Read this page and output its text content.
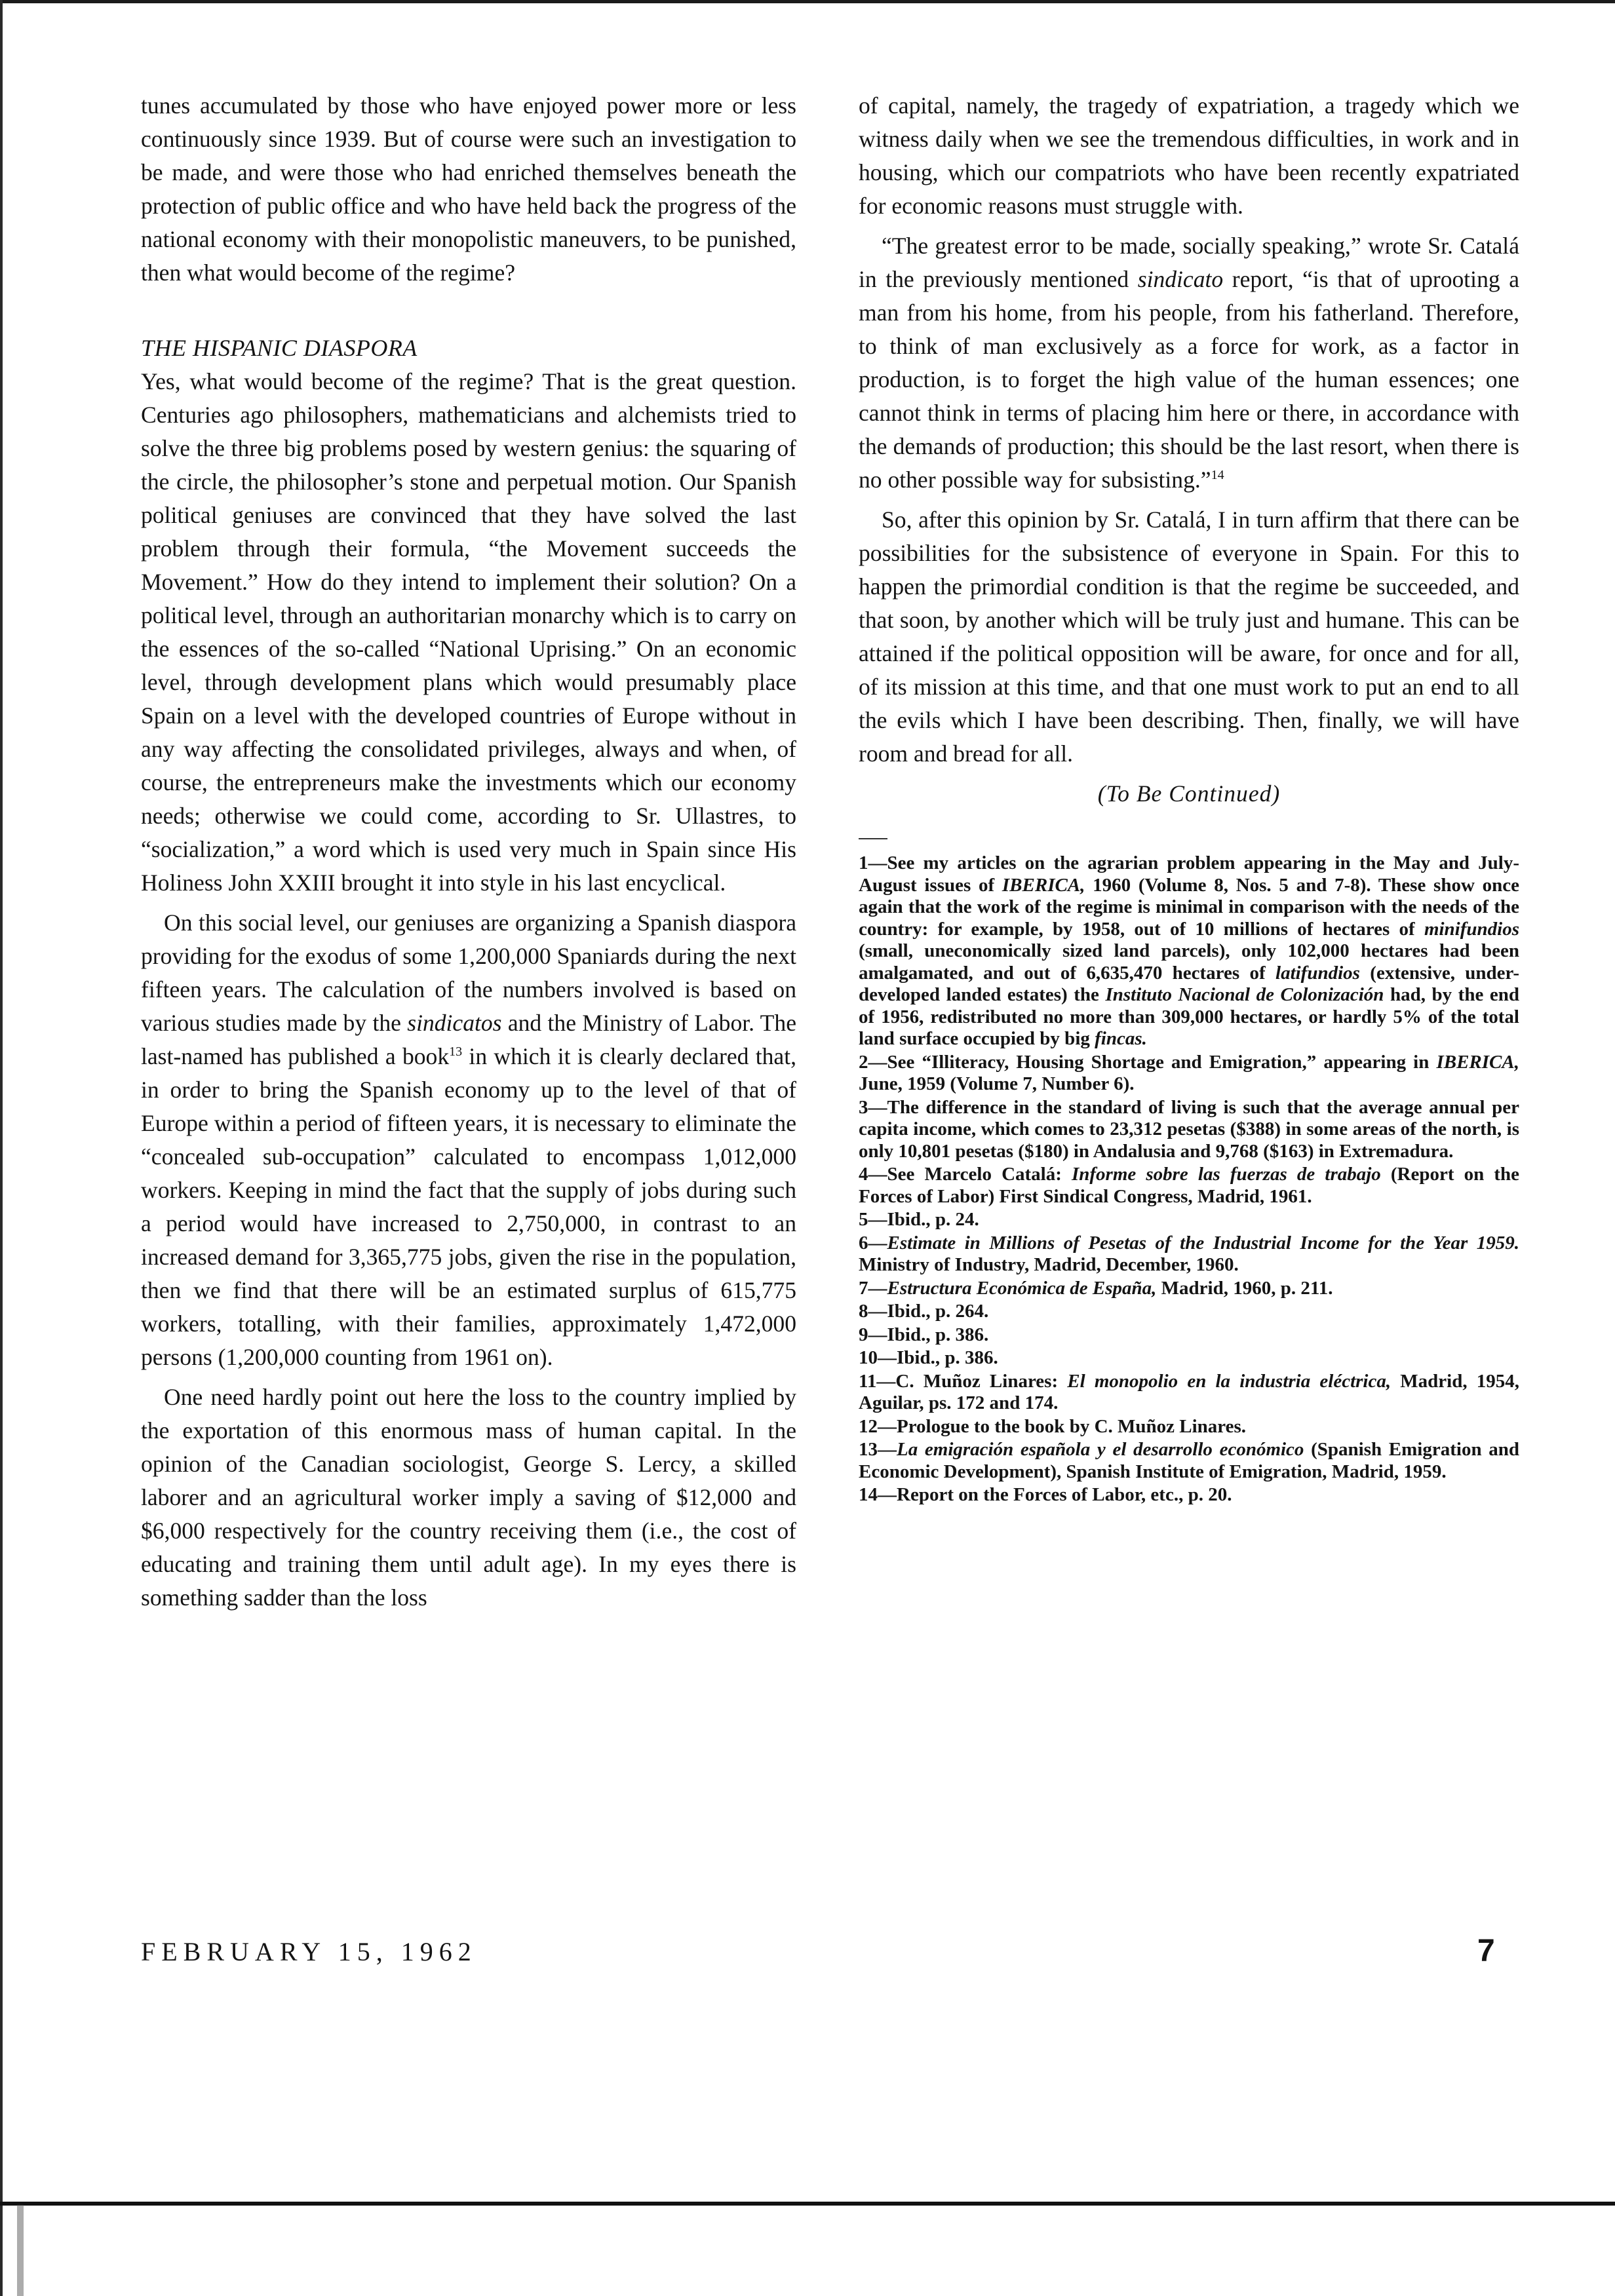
tunes accumulated by those who have enjoyed power more or less continuously since 1939. But of course were such an investigation to be made, and were those who had enriched themselves beneath the protection of public office and who have held back the progress of the national economy with their monopolistic maneuvers, to be punished, then what would become of the regime?

THE HISPANIC DIASPORA

Yes, what would become of the regime? That is the great question. Centuries ago philosophers, mathematicians and alchemists tried to solve the three big problems posed by western genius: the squaring of the circle, the philosopher’s stone and perpetual motion. Our Spanish political geniuses are convinced that they have solved the last problem through their formula, “the Movement succeeds the Movement.” How do they intend to implement their solution? On a political level, through an authoritarian monarchy which is to carry on the essences of the so-called “National Uprising.” On an economic level, through development plans which would presumably place Spain on a level with the developed countries of Europe without in any way affecting the consolidated privileges, always and when, of course, the entrepreneurs make the investments which our economy needs; otherwise we could come, according to Sr. Ullastres, to “socialization,” a word which is used very much in Spain since His Holiness John XXIII brought it into style in his last encyclical.

On this social level, our geniuses are organizing a Spanish diaspora providing for the exodus of some 1,200,000 Spaniards during the next fifteen years. The calculation of the numbers involved is based on various studies made by the sindicatos and the Ministry of Labor. The last-named has published a book$^{13}$ in which it is clearly declared that, in order to bring the Spanish economy up to the level of that of Europe within a period of fifteen years, it is necessary to eliminate the “concealed sub-occupation” calculated to encompass 1,012,000 workers. Keeping in mind the fact that the supply of jobs during such a period would have increased to 2,750,000, in contrast to an increased demand for 3,365,775 jobs, given the rise in the population, then we find that there will be an estimated surplus of 615,775 workers, totalling, with their families, approximately 1,472,000 persons (1,200,000 counting from 1961 on).

One need hardly point out here the loss to the country implied by the exportation of this enormous mass of human capital. In the opinion of the Canadian sociologist, George S. Lercy, a skilled laborer and an agricultural worker imply a saving of $12,000 and $6,000 respectively for the country receiving them (i.e., the cost of educating and training them until adult age). In my eyes there is something sadder than the loss

of capital, namely, the tragedy of expatriation, a tragedy which we witness daily when we see the tremendous difficulties, in work and in housing, which our compatriots who have been recently expatriated for economic reasons must struggle with.

“The greatest error to be made, socially speaking,” wrote Sr. Catalá in the previously mentioned sindicato report, “is that of uprooting a man from his home, from his people, from his fatherland. Therefore, to think of man exclusively as a force for work, as a factor in production, is to forget the high value of the human essences; one cannot think in terms of placing him here or there, in accordance with the demands of production; this should be the last resort, when there is no other possible way for subsisting.”$^{14}$

So, after this opinion by Sr. Catalá, I in turn affirm that there can be possibilities for the subsistence of everyone in Spain. For this to happen the primordial condition is that the regime be succeeded, and that soon, by another which will be truly just and humane. This can be attained if the political opposition will be aware, for once and for all, of its mission at this time, and that one must work to put an end to all the evils which I have been describing. Then, finally, we will have room and bread for all.

(To Be Continued)

1—See my articles on the agrarian problem appearing in the May and July-August issues of IBERICA, 1960 (Volume 8, Nos. 5 and 7-8). These show once again that the work of the regime is minimal in comparison with the needs of the country: for example, by 1958, out of 10 millions of hectares of minifundios (small, uneconomically sized land parcels), only 102,000 hectares had been amalgamated, and out of 6,635,470 hectares of latifundios (extensive, under-developed landed estates) the Instituto Nacional de Colonización had, by the end of 1956, redistributed no more than 309,000 hectares, or hardly 5% of the total land surface occupied by big fincas.

2—See “Illiteracy, Housing Shortage and Emigration,” appearing in IBERICA, June, 1959 (Volume 7, Number 6).

3—The difference in the standard of living is such that the average annual per capita income, which comes to 23,312 pesetas ($388) in some areas of the north, is only 10,801 pesetas ($180) in Andalusia and 9,768 ($163) in Extremadura.

4—See Marcelo Catalá: Informe sobre las fuerzas de trabajo (Report on the Forces of Labor) First Sindical Congress, Madrid, 1961.

5—Ibid., p. 24.

6—Estimate in Millions of Pesetas of the Industrial Income for the Year 1959. Ministry of Industry, Madrid, December, 1960.

7—Estructura Económica de España, Madrid, 1960, p. 211.

8—Ibid., p. 264.

9—Ibid., p. 386.

10—Ibid., p. 386.

11—C. Muñoz Linares: El monopolio en la industria eléctrica, Madrid, 1954, Aguilar, ps. 172 and 174.

12—Prologue to the book by C. Muñoz Linares.

13—La emigración española y el desarrollo económico (Spanish Emigration and Economic Development), Spanish Institute of Emigration, Madrid, 1959.

14—Report on the Forces of Labor, etc., p. 20.

FEBRUARY 15, 1962	7
